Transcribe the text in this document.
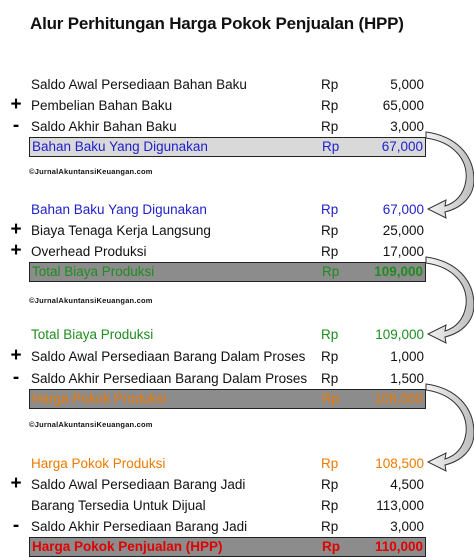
Alur Perhitungan Harga Pokok Penjualan (HPP)
Saldo Awal Persediaan Bahan Baku	Rp	5,000
+ Pembelian Bahan Baku	Rp	65,000
- Saldo Akhir Bahan Baku	Rp	3,000
Bahan Baku Yang Digunakan	Rp	67,000
©JurnalAkuntansiKeuangan.com
Bahan Baku Yang Digunakan	Rp	67,000
+ Biaya Tenaga Kerja Langsung	Rp	25,000
+ Overhead Produksi	Rp	17,000
Total Biaya Produksi	Rp	109,000
©JurnalAkuntansiKeuangan.com
Total Biaya Produksi	Rp	109,000
+ Saldo Awal Persediaan Barang Dalam Proses Rp	1,000
- Saldo Akhir Persediaan Barang Dalam Proses Rp	1,500
Harga Pokok Produksi	Rp	108,500
©JurnalAkuntansiKeuangan.com
Harga Pokok Produksi	Rp	108,500
+ Saldo Awal Persediaan Barang Jadi	Rp	4,500
Barang Tersedia Untuk Dijual	Rp	113,000
- Saldo Akhir Persediaan Barang Jadi	Rp	3,000
Harga Pokok Penjualan (HPP)	Rp	110,000
